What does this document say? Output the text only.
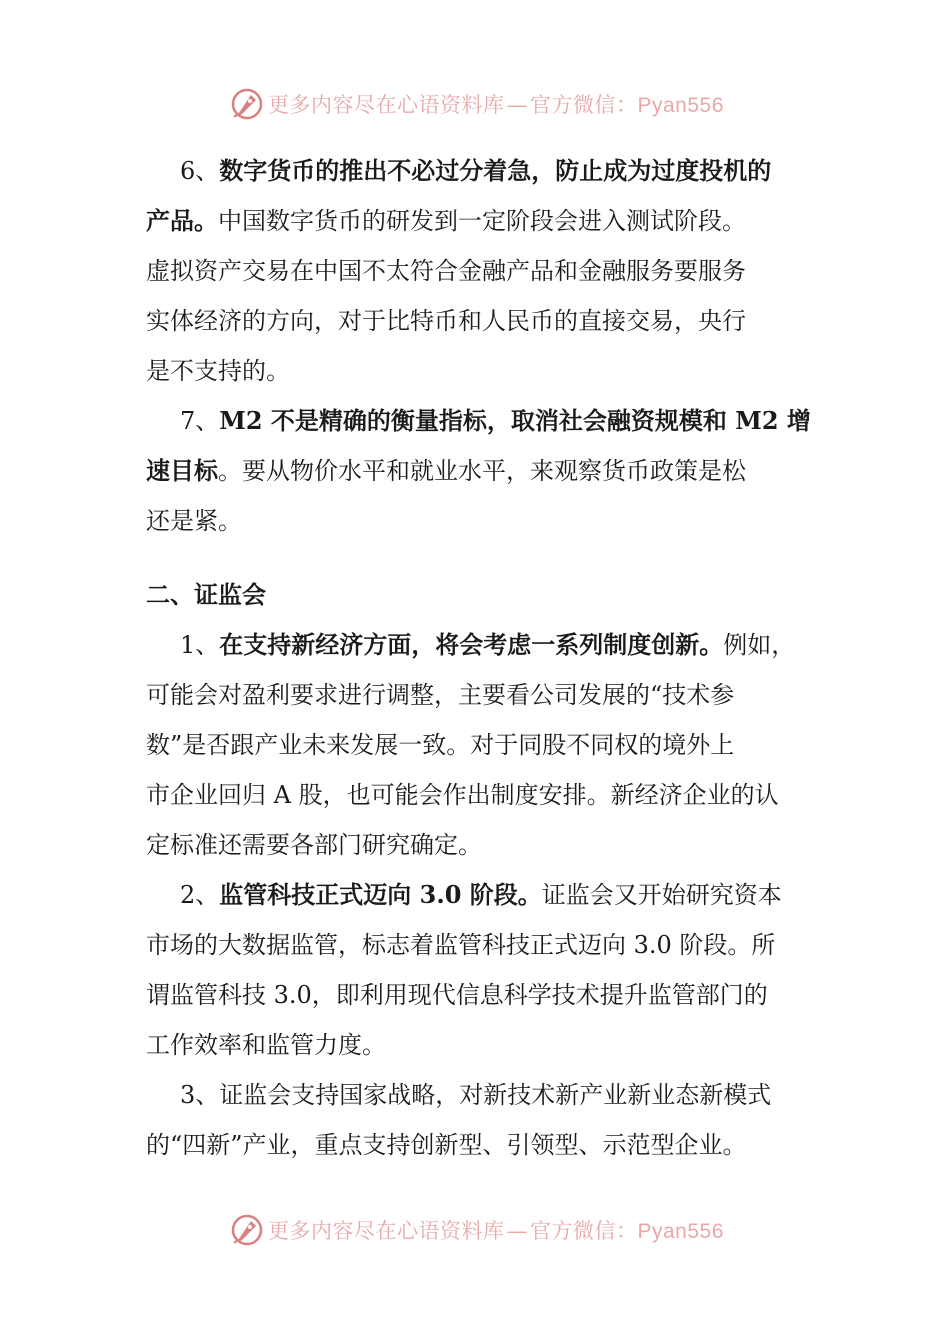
更多内容尽在心语资料库—官方微信：Pyan556
6、数字货币的推出不必过分着急，防止成为过度投机的
产品。中国数字货币的研发到一定阶段会进入测试阶段。
虚拟资产交易在中国不太符合金融产品和金融服务要服务
实体经济的方向，对于比特币和人民币的直接交易，央行
是不支持的。
7、M2 不是精确的衡量指标，取消社会融资规模和 M2 增
速目标。要从物价水平和就业水平，来观察货币政策是松
还是紧。
二、证监会
1、在支持新经济方面，将会考虑一系列制度创新。例如，
可能会对盈利要求进行调整，主要看公司发展的“技术参
数”是否跟产业未来发展一致。对于同股不同权的境外上
市企业回归 A 股，也可能会作出制度安排。新经济企业的认
定标准还需要各部门研究确定。
2、监管科技正式迈向 3.0 阶段。证监会又开始研究资本
市场的大数据监管，标志着监管科技正式迈向 3.0 阶段。所
谓监管科技 3.0，即利用现代信息科学技术提升监管部门的
工作效率和监管力度。
3、证监会支持国家战略，对新技术新产业新业态新模式
的“四新”产业，重点支持创新型、引领型、示范型企业。
更多内容尽在心语资料库—官方微信：Pyan556
